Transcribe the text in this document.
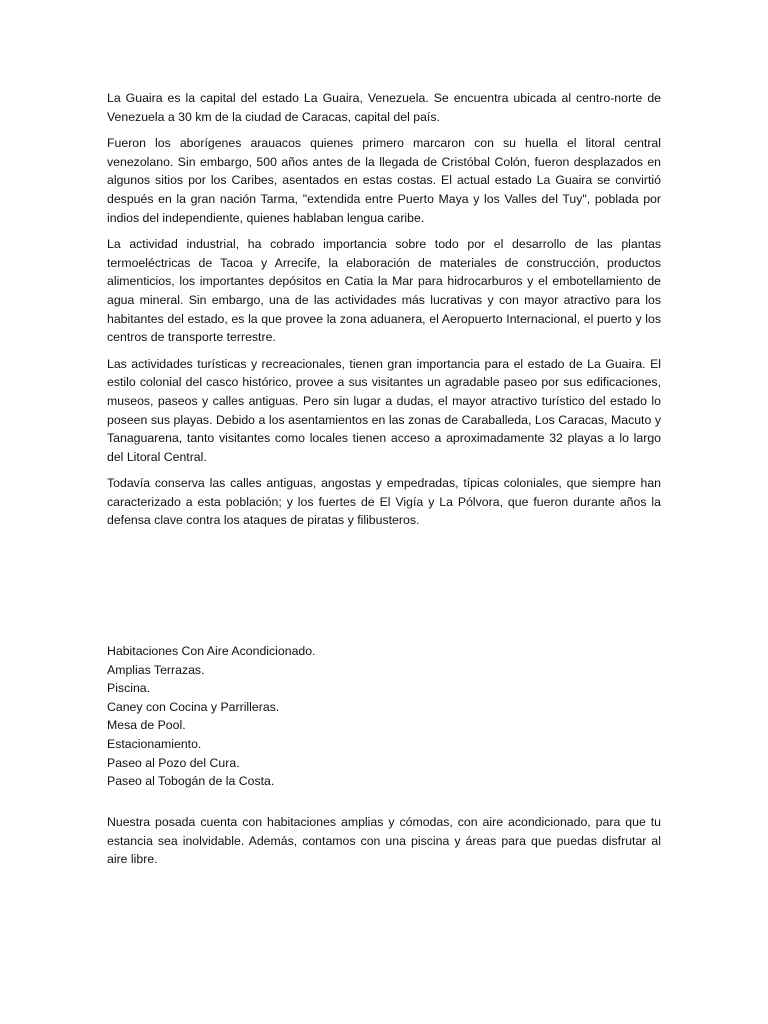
La Guaira es la capital del estado La Guaira, Venezuela. Se encuentra ubicada al centro-norte de Venezuela a 30 km de la ciudad de Caracas, capital del país.

Fueron los aborígenes arauacos quienes primero marcaron con su huella el litoral central venezolano. Sin embargo, 500 años antes de la llegada de Cristóbal Colón, fueron desplazados en algunos sitios por los Caribes, asentados en estas costas. El actual estado La Guaira se convirtió después en la gran nación Tarma, "extendida entre Puerto Maya y los Valles del Tuy", poblada por indios del independiente, quienes hablaban lengua caribe.

La actividad industrial, ha cobrado importancia sobre todo por el desarrollo de las plantas termoeléctricas de Tacoa y Arrecife, la elaboración de materiales de construcción, productos alimenticios, los importantes depósitos en Catia la Mar para hidrocarburos y el embotellamiento de agua mineral. Sin embargo, una de las actividades más lucrativas y con mayor atractivo para los habitantes del estado, es la que provee la zona aduanera, el Aeropuerto Internacional, el puerto y los centros de transporte terrestre.

Las actividades turísticas y recreacionales, tienen gran importancia para el estado de La Guaira. El estilo colonial del casco histórico, provee a sus visitantes un agradable paseo por sus edificaciones, museos, paseos y calles antiguas. Pero sin lugar a dudas, el mayor atractivo turístico del estado lo poseen sus playas. Debido a los asentamientos en las zonas de Caraballeda, Los Caracas, Macuto y Tanaguarena, tanto visitantes como locales tienen acceso a aproximadamente 32 playas a lo largo del Litoral Central.

Todavía conserva las calles antiguas, angostas y empedradas, típicas coloniales, que siempre han caracterizado a esta población; y los fuertes de El Vigía y La Pólvora, que fueron durante años la defensa clave contra los ataques de piratas y filibusteros.

Habitaciones Con Aire Acondicionado.
Amplias Terrazas.
Piscina.
Caney con Cocina y Parrilleras.
Mesa de Pool.
Estacionamiento.
Paseo al Pozo del Cura.
Paseo al Tobogán de la Costa.

Nuestra posada cuenta con habitaciones amplias y cómodas, con aire acondicionado, para que tu estancia sea inolvidable. Además, contamos con una piscina y áreas para que puedas disfrutar al aire libre.
